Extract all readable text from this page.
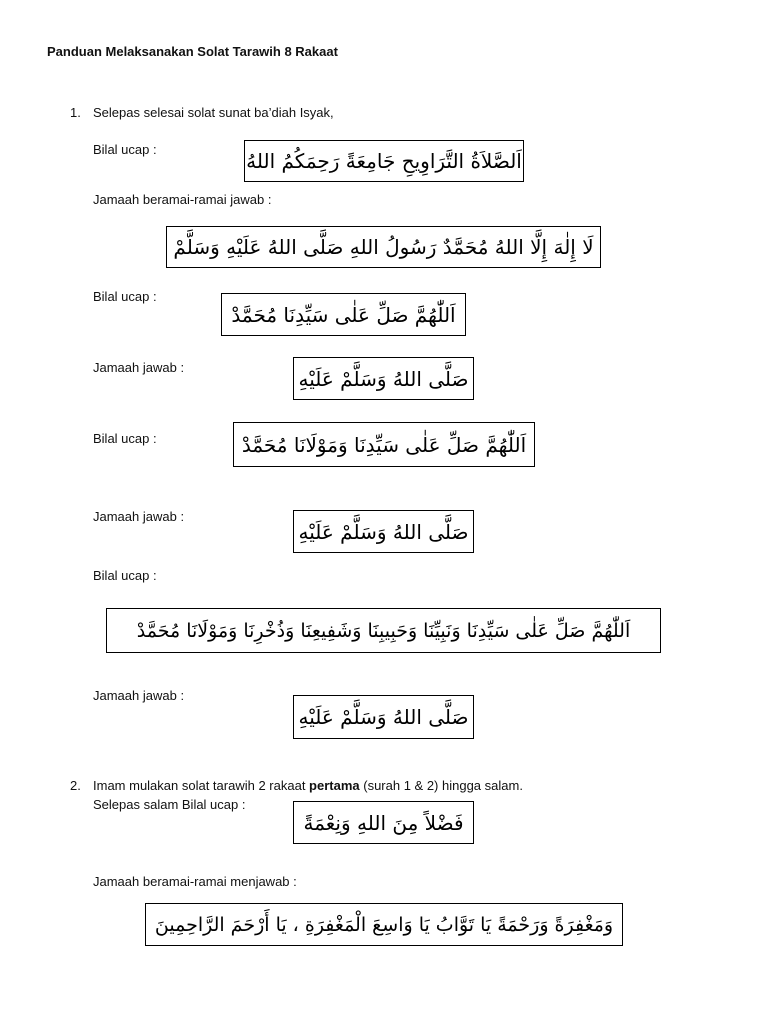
Panduan Melaksanakan Solat Tarawih 8 Rakaat
1. Selepas selesai solat sunat ba’diah Isyak,
Bilal ucap :	اَلصَّلاَةُ التَّرَاوِيحِ جَامِعَةً رَحِمَكُمُ اللهُ
Jamaah beramai-ramai jawab :
لَا إِلٰهَ إِلَّا اللهُ مُحَمَّدٌ رَسُولُ اللهِ صَلَّى اللهُ عَلَيْهِ وَسَلَّمْ
Bilal ucap :
اَللّٰهُمَّ صَلِّ عَلٰى سَيِّدِنَا مُحَمَّدْ
Jamaah jawab :	صَلَّى اللهُ وَسَلَّمْ عَلَيْهِ
Bilal ucap :	اَللّٰهُمَّ صَلِّ عَلٰى سَيِّدِنَا وَمَوْلَانَا مُحَمَّدْ
Jamaah jawab :
صَلَّى اللهُ وَسَلَّمْ عَلَيْهِ
Bilal ucap :
اَللّٰهُمَّ صَلِّ عَلٰى سَيِّدِنَا وَنَبِيِّنَا وَحَبِيبِنَا وَشَفِيعِنَا وَذُخْرِنَا وَمَوْلَانَا مُحَمَّدْ
Jamaah jawab :
صَلَّى اللهُ وَسَلَّمْ عَلَيْهِ
2. Imam mulakan solat tarawih 2 rakaat pertama (surah 1 & 2) hingga salam.
Selepas salam Bilal ucap :
فَضْلاً مِنَ اللهِ وَنِعْمَةً
Jamaah beramai-ramai menjawab :
وَمَغْفِرَةً وَرَحْمَةً يَا تَوَّابُ يَا وَاسِعَ الْمَغْفِرَةِ ، يَا أَرْحَمَ الرَّاحِمِينَ
